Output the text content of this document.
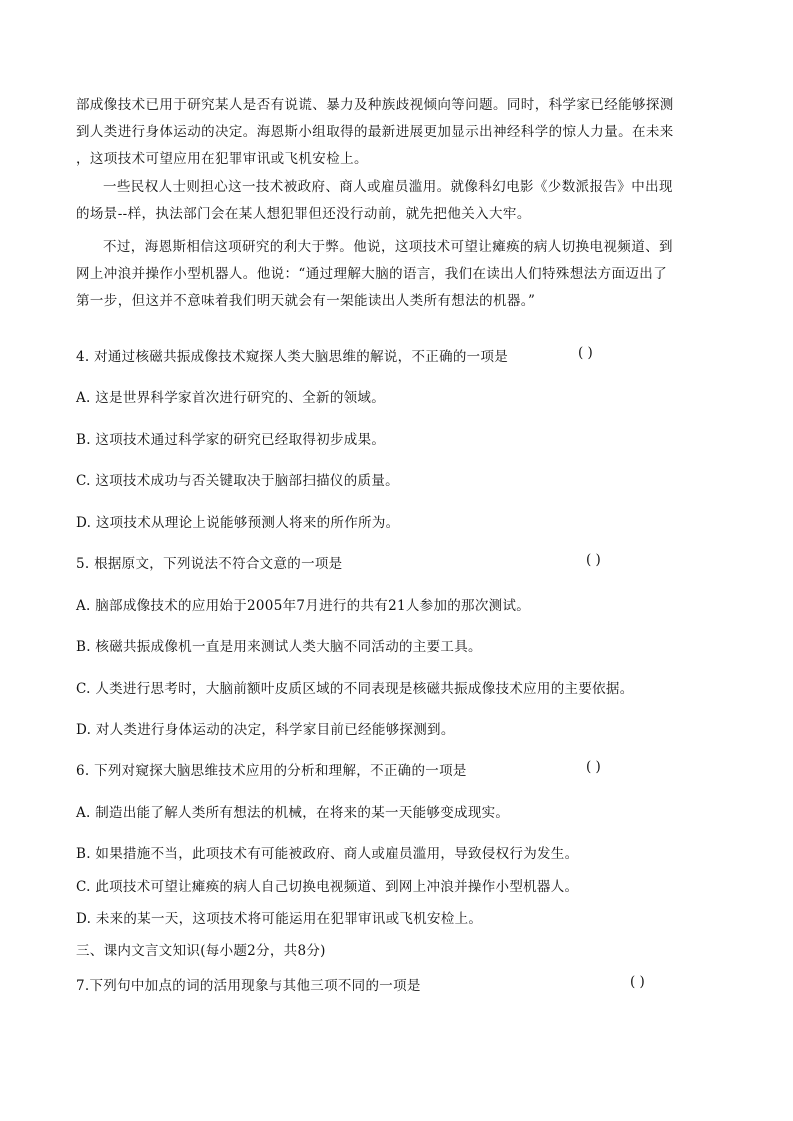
部成像技术已用于研究某人是否有说谎、暴力及种族歧视倾向等问题。同时，科学家已经能够探测
到人类进行身体运动的决定。海恩斯小组取得的最新进展更加显示出神经科学的惊人力量。在未来
，这项技术可望应用在犯罪审讯或飞机安检上。
一些民权人士则担心这一技术被政府、商人或雇员滥用。就像科幻电影《少数派报告》中出现
的场景--样，执法部门会在某人想犯罪但还没行动前，就先把他关入大牢。
不过，海恩斯相信这项研究的利大于弊。他说，这项技术可望让瘫痪的病人切换电视频道、到
网上冲浪并操作小型机器人。他说：“通过理解大脑的语言，我们在读出人们特殊想法方面迈出了
第一步，但这并不意味着我们明天就会有一架能读出人类所有想法的机器。”

4. 对通过核磁共振成像技术窥探人类大脑思维的解说，不正确的一项是	( )

A. 这是世界科学家首次进行研究的、全新的领域。

B. 这项技术通过科学家的研究已经取得初步成果。

C. 这项技术成功与否关键取决于脑部扫描仪的质量。

D. 这项技术从理论上说能够预测人将来的所作所为。

5. 根据原文，下列说法不符合文意的一项是	( )

A. 脑部成像技术的应用始于2005年7月进行的共有21人参加的那次测试。

B. 核磁共振成像机一直是用来测试人类大脑不同活动的主要工具。

C. 人类进行思考时，大脑前额叶皮质区域的不同表现是核磁共振成像技术应用的主要依据。

D. 对人类进行身体运动的决定，科学家目前已经能够探测到。

6. 下列对窥探大脑思维技术应用的分析和理解，不正确的一项是	( )

A. 制造出能了解人类所有想法的机械，在将来的某一天能够变成现实。

B. 如果措施不当，此项技术有可能被政府、商人或雇员滥用，导致侵权行为发生。

C. 此项技术可望让瘫痪的病人自己切换电视频道、到网上冲浪并操作小型机器人。

D. 未来的某一天，这项技术将可能运用在犯罪审讯或飞机安检上。

三、课内文言文知识(每小题2分，共8分)

7.下列句中加点的词的活用现象与其他三项不同的一项是	( )
